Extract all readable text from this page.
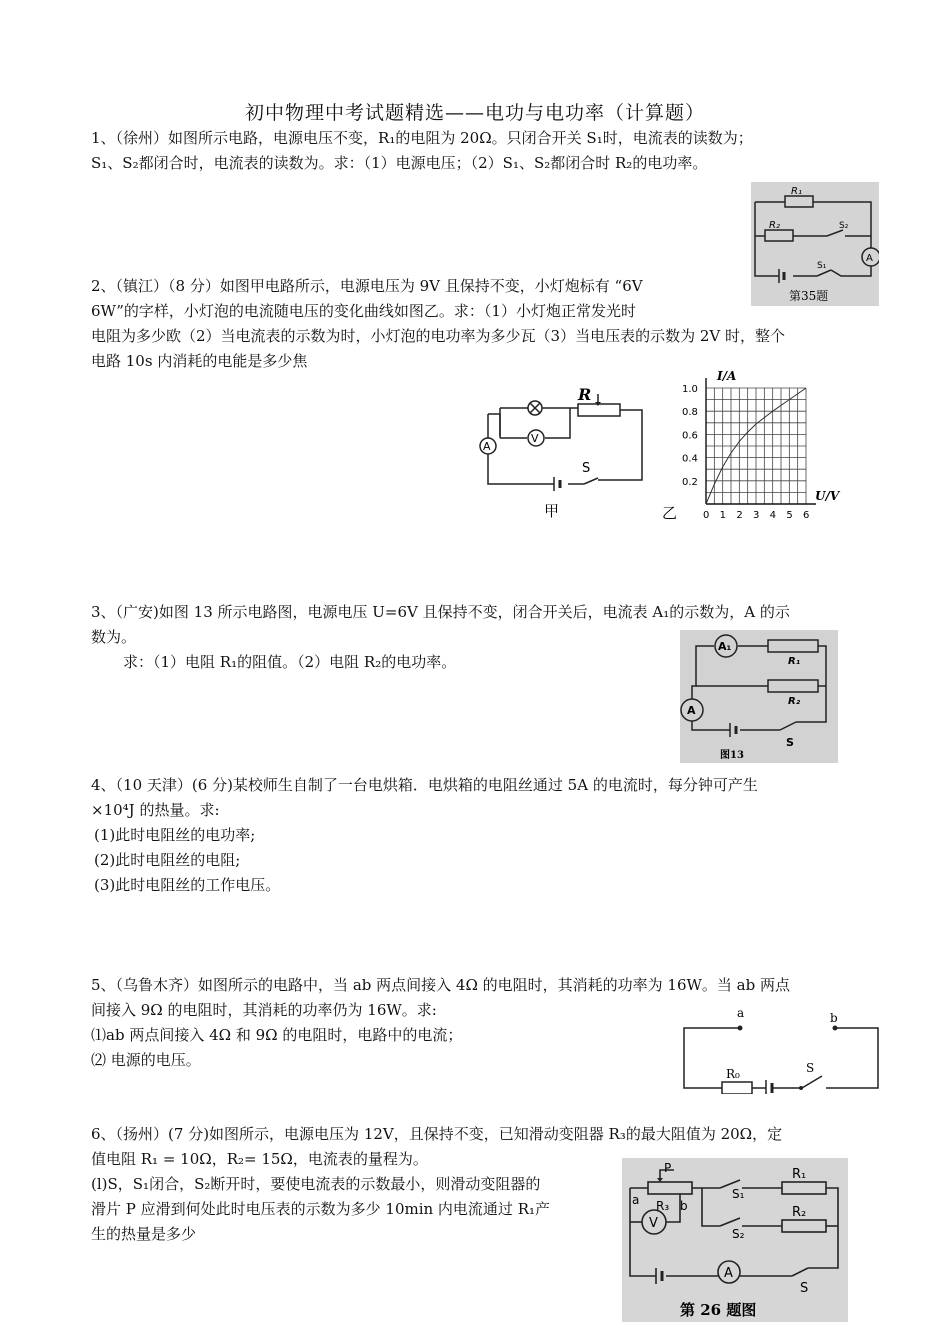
初中物理中考试题精选——电功与电功率（计算题）

1、（徐州）如图所示电路，电源电压不变，R₁的电阻为 20Ω。只闭合开关 S₁时，电流表的读数为；

S₁、S₂都闭合时，电流表的读数为。求：（1）电源电压；（2）S₁、S₂都闭合时 R₂的电功率。

R₁
R₂	S₂
S₁
A
第35题

2、（镇江）（8 分）如图甲电路所示，电源电压为 9V 且保持不变，小灯炮标有 “6V

6W”的字样，小灯泡的电流随电压的变化曲线如图乙。求：（1）小灯炮正常发光时

电阻为多少欧（2）当电流表的示数为时，小灯泡的电功率为多少瓦（3）当电压表的示数为 2V 时，整个

电路 10s 内消耗的电能是多少焦

R
A
V
S
甲	0 1 2 3 4 5 6
1.0
0.8
0.6
0.4
0.2
I/A
U/V
乙

3、（广安)如图 13 所示电路图，电源电压 U=6V 且保持不变，闭合开关后，电流表 A₁的示数为，A 的示

数为。

求：（1）电阻 R₁的阻值。（2）电阻 R₂的电功率。

A₁
R₁
R₂
A
S
图13

4、（10 天津）(6 分)某校师生自制了一台电烘箱．电烘箱的电阻丝通过 5A 的电流时，每分钟可产生

×10⁴J 的热量。求:

(1)此时电阻丝的电功率;

(2)此时电阻丝的电阻;

(3)此时电阻丝的工作电压。

5、（乌鲁木齐）如图所示的电路中，当 ab 两点间接入 4Ω 的电阻时，其消耗的功率为 16W。当 ab 两点

间接入 9Ω 的电阻时，其消耗的功率仍为 16W。求:

⑴ab 两点间接入 4Ω 和 9Ω 的电阻时，电路中的电流；

⑵ 电源的电压。

a	b
R₀	S

6、（扬州）(7 分)如图所示，电源电压为 12V，且保持不变，已知滑动变阻器 R₃的最大阻值为 20Ω，定

值电阻 R₁ = 10Ω，R₂= 15Ω，电流表的量程为。

(l)S，S₁闭合，S₂断开时，要使电流表的示数最小，则滑动变阻器的

滑片 P 应滑到何处此时电压表的示数为多少 10min 内电流通过 R₁产

生的热量是多少

P
R₃
a	b
S₁
S₂
R₁
R₂
V
A
S
第 26 题图
